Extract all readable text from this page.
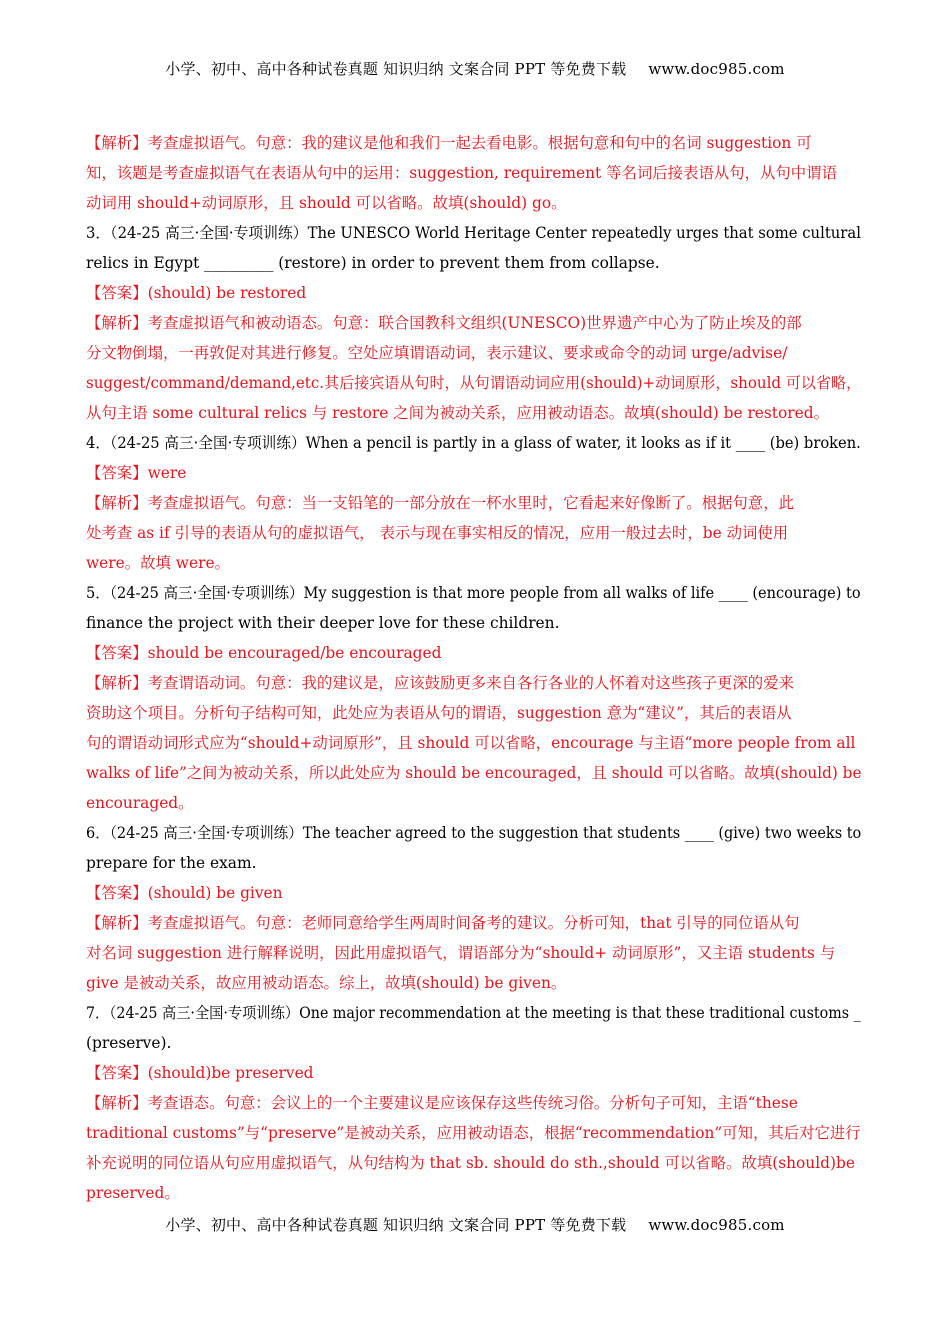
小学、初中、高中各种试卷真题 知识归纳 文案合同 PPT 等免费下载 www.doc985.com
【解析】考查虚拟语气。句意：我的建议是他和我们一起去看电影。根据句意和句中的名词 suggestion 可
知，该题是考查虚拟语气在表语从句中的运用：suggestion, requirement 等名词后接表语从句，从句中谓语
动词用 should+动词原形，且 should 可以省略。故填(should) go。
3．（24-25 高三·全国·专项训练）The UNESCO World Heritage Center repeatedly urges that some cultural
relics in Egypt _________ (restore) in order to prevent them from collapse.
【答案】(should) be restored
【解析】考查虚拟语气和被动语态。句意：联合国教科文组织(UNESCO)世界遗产中心为了防止埃及的部
分文物倒塌，一再敦促对其进行修复。空处应填谓语动词，表示建议、要求或命令的动词 urge/advise/
suggest/command/demand,etc.其后接宾语从句时，从句谓语动词应用(should)+动词原形，should 可以省略，
从句主语 some cultural relics 与 restore 之间为被动关系，应用被动语态。故填(should) be restored。
4．（24-25 高三·全国·专项训练）When a pencil is partly in a glass of water, it looks as if it ____ (be) broken.
【答案】were
【解析】考查虚拟语气。句意：当一支铅笔的一部分放在一杯水里时，它看起来好像断了。根据句意，此
处考查 as if 引导的表语从句的虚拟语气， 表示与现在事实相反的情况，应用一般过去时，be 动词使用
were。故填 were。
5．（24-25 高三·全国·专项训练）My suggestion is that more people from all walks of life ____ (encourage) to
finance the project with their deeper love for these children.
【答案】should be encouraged/be encouraged
【解析】考查谓语动词。句意：我的建议是，应该鼓励更多来自各行各业的人怀着对这些孩子更深的爱来
资助这个项目。分析句子结构可知，此处应为表语从句的谓语，suggestion 意为“建议”，其后的表语从
句的谓语动词形式应为“should+动词原形”，且 should 可以省略，encourage 与主语“more people from all
walks of life”之间为被动关系，所以此处应为 should be encouraged，且 should 可以省略。故填(should) be
encouraged。
6．（24-25 高三·全国·专项训练）The teacher agreed to the suggestion that students ____ (give) two weeks to
prepare for the exam.
【答案】(should) be given
【解析】考查虚拟语气。句意：老师同意给学生两周时间备考的建议。分析可知，that 引导的同位语从句
对名词 suggestion 进行解释说明，因此用虚拟语气，谓语部分为“should+ 动词原形”，又主语 students 与
give 是被动关系，故应用被动语态。综上，故填(should) be given。
7．（24-25 高三·全国·专项训练）One major recommendation at the meeting is that these traditional customs _
(preserve).
【答案】(should)be preserved
【解析】考查语态。句意：会议上的一个主要建议是应该保存这些传统习俗。分析句子可知，主语“these
traditional customs”与“preserve”是被动关系，应用被动语态，根据“recommendation”可知，其后对它进行
补充说明的同位语从句应用虚拟语气，从句结构为 that sb. should do sth.,should 可以省略。故填(should)be
preserved。
小学、初中、高中各种试卷真题 知识归纳 文案合同 PPT 等免费下载 www.doc985.com
